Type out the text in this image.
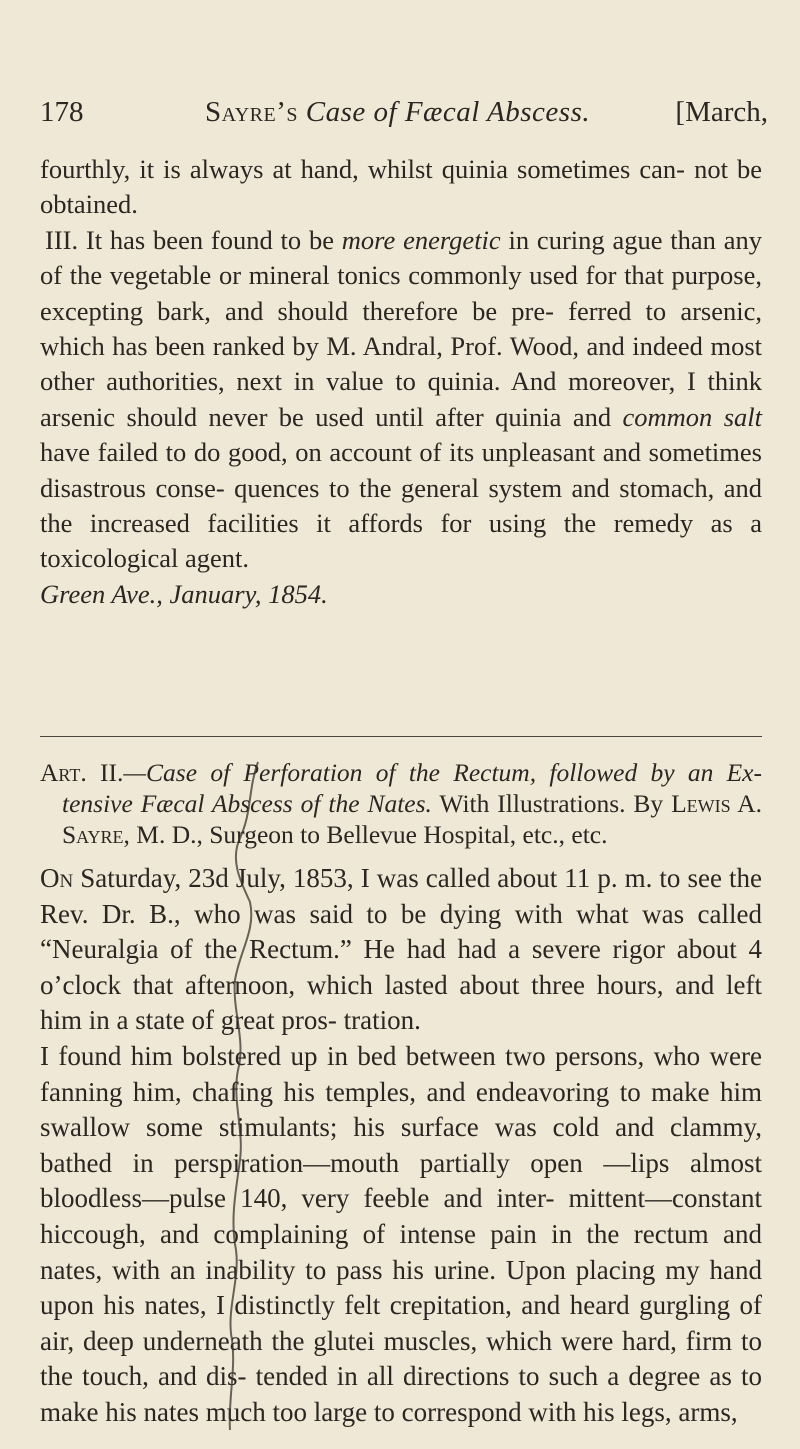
178	Sayre’s Case of Fæcal Abscess.	[March,

fourthly, it is always at hand, whilst quinia sometimes can- not be obtained.

III. It has been found to be more energetic in curing ague than any of the vegetable or mineral tonics commonly used for that purpose, excepting bark, and should therefore be pre- ferred to arsenic, which has been ranked by M. Andral, Prof. Wood, and indeed most other authorities, next in value to quinia. And moreover, I think arsenic should never be used until after quinia and common salt have failed to do good, on account of its unpleasant and sometimes disastrous conse- quences to the general system and stomach, and the increased facilities it affords for using the remedy as a toxicological agent.

Green Ave., January, 1854.

Art. II.—Case of Perforation of the Rectum, followed by an Ex- tensive Fæcal Abscess of the Nates. With Illustrations. By Lewis A. Sayre, M. D., Surgeon to Bellevue Hospital, etc., etc.

On Saturday, 23d July, 1853, I was called about 11 p. m. to see the Rev. Dr. B., who was said to be dying with what was called “Neuralgia of the Rectum.” He had had a severe rigor about 4 o’clock that afternoon, which lasted about three hours, and left him in a state of great pros- tration.

I found him bolstered up in bed between two persons, who were fanning him, chafing his temples, and endeavoring to make him swallow some stimulants; his surface was cold and clammy, bathed in perspiration—mouth partially open —lips almost bloodless—pulse 140, very feeble and inter- mittent—constant hiccough, and complaining of intense pain in the rectum and nates, with an inability to pass his urine. Upon placing my hand upon his nates, I distinctly felt crepitation, and heard gurgling of air, deep underneath the glutei muscles, which were hard, firm to the touch, and dis- tended in all directions to such a degree as to make his nates much too large to correspond with his legs, arms,
